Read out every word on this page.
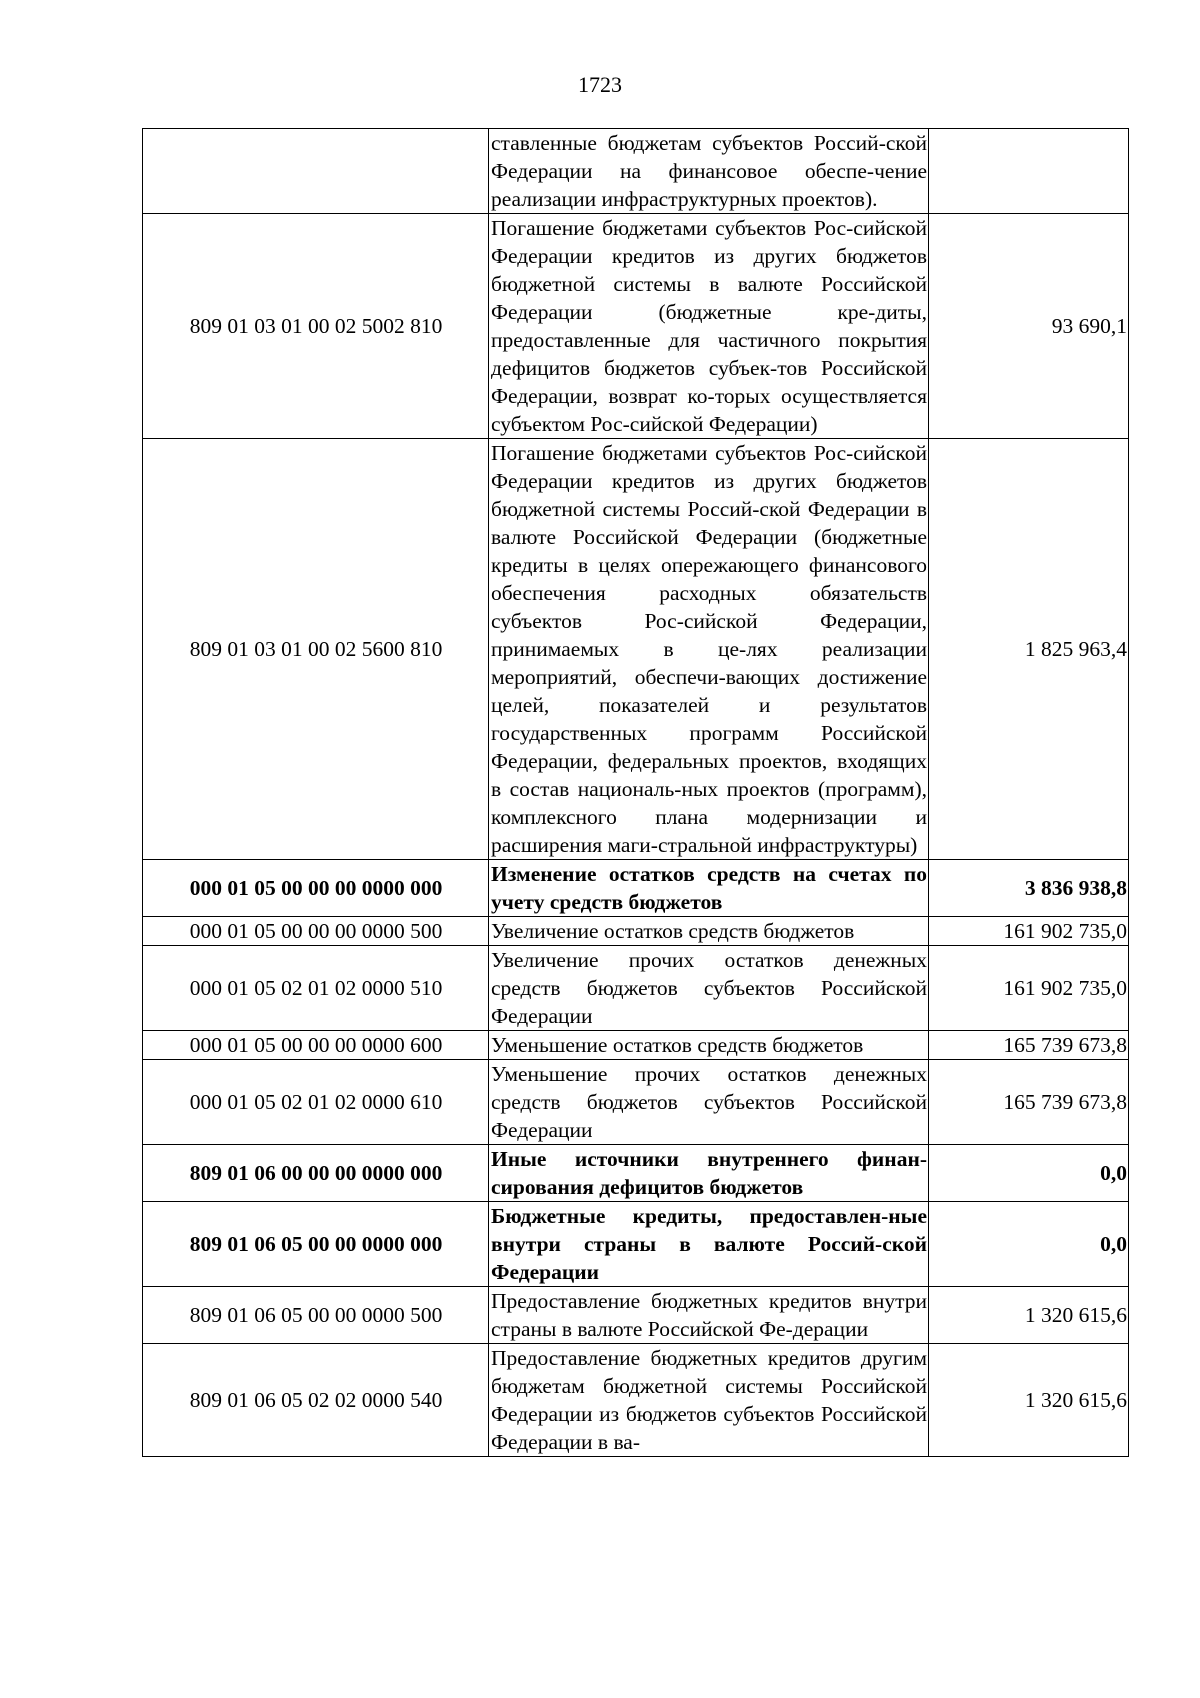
1723
	ставленные бюджетам субъектов Россий-ской Федерации на финансовое обеспе-чение реализации инфраструктурных проектов).	
809 01 03 01 00 02 5002 810	Погашение бюджетами субъектов Рос-сийской Федерации кредитов из других бюджетов бюджетной системы в валюте Российской Федерации (бюджетные кре-диты, предоставленные для частичного покрытия дефицитов бюджетов субъек-тов Российской Федерации, возврат ко-торых осуществляется субъектом Рос-сийской Федерации)	93 690,1
809 01 03 01 00 02 5600 810	Погашение бюджетами субъектов Рос-сийской Федерации кредитов из других бюджетов бюджетной системы Россий-ской Федерации в валюте Российской Федерации (бюджетные кредиты в целях опережающего финансового обеспечения расходных обязательств субъектов Рос-сийской Федерации, принимаемых в це-лях реализации мероприятий, обеспечи-вающих достижение целей, показателей и результатов государственных программ Российской Федерации, федеральных проектов, входящих в состав националь-ных проектов (программ), комплексного плана модернизации и расширения маги-стральной инфраструктуры)	1 825 963,4
000 01 05 00 00 00 0000 000	Изменение остатков средств на счетах по учету средств бюджетов	3 836 938,8
000 01 05 00 00 00 0000 500	Увеличение остатков средств бюджетов	161 902 735,0
000 01 05 02 01 02 0000 510	Увеличение прочих остатков денежных средств бюджетов субъектов Российской Федерации	161 902 735,0
000 01 05 00 00 00 0000 600	Уменьшение остатков средств бюджетов	165 739 673,8
000 01 05 02 01 02 0000 610	Уменьшение прочих остатков денежных средств бюджетов субъектов Российской Федерации	165 739 673,8
809 01 06 00 00 00 0000 000	Иные источники внутреннего финан-сирования дефицитов бюджетов	0,0
809 01 06 05 00 00 0000 000	Бюджетные кредиты, предоставлен-ные внутри страны в валюте Россий-ской Федерации	0,0
809 01 06 05 00 00 0000 500	Предоставление бюджетных кредитов внутри страны в валюте Российской Фе-дерации	1 320 615,6
809 01 06 05 02 02 0000 540	Предоставление бюджетных кредитов другим бюджетам бюджетной системы Российской Федерации из бюджетов субъектов Российской Федерации в ва-	1 320 615,6
